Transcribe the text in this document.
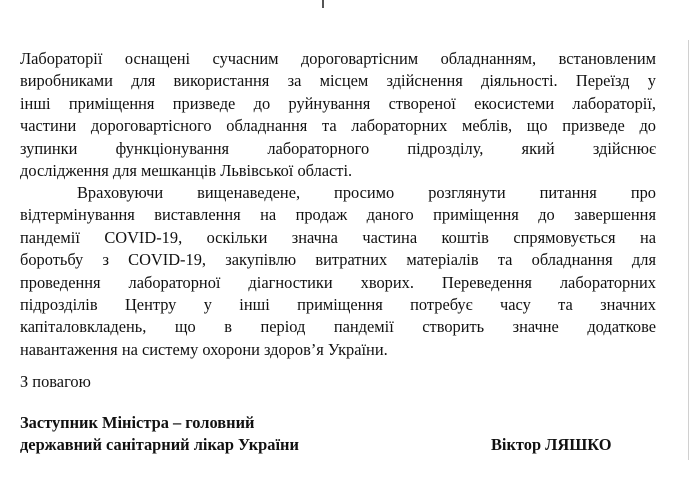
Лабораторії оснащені сучасним дороговартісним обладнанням, встановленим
виробниками для використання за місцем здійснення діяльності. Переїзд у
інші приміщення призведе до руйнування створеної екосистеми лабораторії,
частини дороговартісного обладнання та лабораторних меблів, що призведе до
зупинки функціонування лабораторного підрозділу, який здійснює
дослідження для мешканців Львівської області.

Враховуючи вищенаведене, просимо розглянути питання про
відтермінування виставлення на продаж даного приміщення до завершення
пандемії COVID-19, оскільки значна частина коштів спрямовується на
боротьбу з COVID-19, закупівлю витратних матеріалів та обладнання для
проведення лабораторної діагностики хворих. Переведення лабораторних
підрозділів Центру у інші приміщення потребує часу та значних
капіталовкладень, що в період пандемії створить значне додаткове
навантаження на систему охорони здоров’я України.

З повагою
Заступник Міністра – головний
державний санітарний лікар України	Віктор ЛЯШКО
